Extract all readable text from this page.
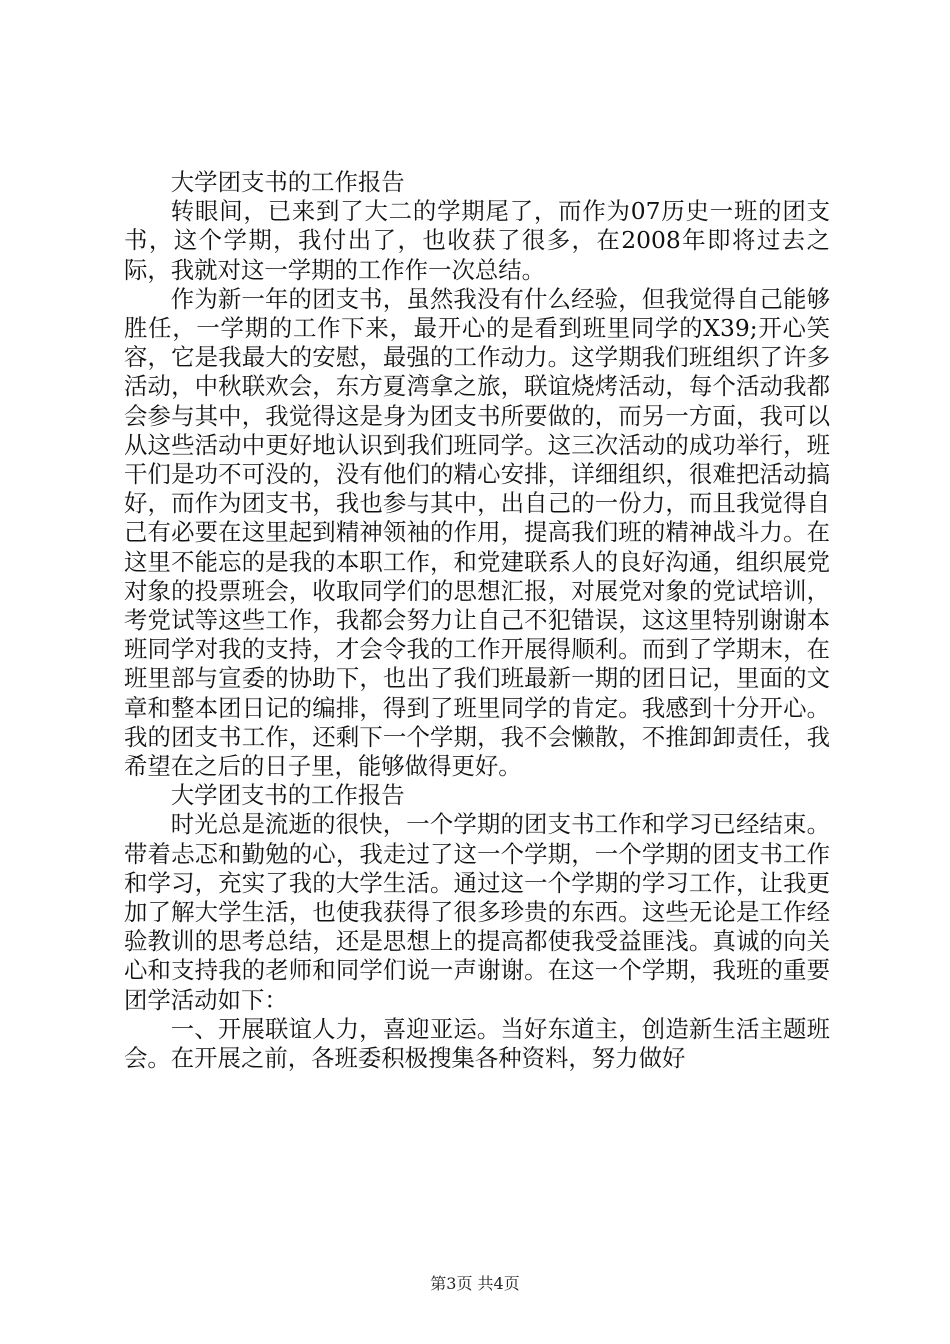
大学团支书的工作报告

转眼间，已来到了大二的学期尾了，而作为07历史一班的团支书，这个学期，我付出了，也收获了很多，在2008年即将过去之际，我就对这一学期的工作作一次总结。

作为新一年的团支书，虽然我没有什么经验，但我觉得自己能够胜任，一学期的工作下来，最开心的是看到班里同学的X39;开心笑容，它是我最大的安慰，最强的工作动力。这学期我们班组织了许多活动，中秋联欢会，东方夏湾拿之旅，联谊烧烤活动，每个活动我都会参与其中，我觉得这是身为团支书所要做的，而另一方面，我可以从这些活动中更好地认识到我们班同学。这三次活动的成功举行，班干们是功不可没的，没有他们的精心安排，详细组织，很难把活动搞好，而作为团支书，我也参与其中，出自己的一份力，而且我觉得自己有必要在这里起到精神领袖的作用，提高我们班的精神战斗力。在这里不能忘的是我的本职工作，和党建联系人的良好沟通，组织展党对象的投票班会，收取同学们的思想汇报，对展党对象的党试培训，考党试等这些工作，我都会努力让自己不犯错误，这这里特别谢谢本班同学对我的支持，才会令我的工作开展得顺利。而到了学期末，在班里部与宣委的协助下，也出了我们班最新一期的团日记，里面的文章和整本团日记的编排，得到了班里同学的肯定。我感到十分开心。我的团支书工作，还剩下一个学期，我不会懒散，不推卸卸责任，我希望在之后的日子里，能够做得更好。

大学团支书的工作报告

时光总是流逝的很快，一个学期的团支书工作和学习已经结束。带着忐忑和勤勉的心，我走过了这一个学期，一个学期的团支书工作和学习，充实了我的大学生活。通过这一个学期的学习工作，让我更加了解大学生活，也使我获得了很多珍贵的东西。这些无论是工作经验教训的思考总结，还是思想上的提高都使我受益匪浅。真诚的向关心和支持我的老师和同学们说一声谢谢。在这一个学期，我班的重要团学活动如下：

一、开展联谊人力，喜迎亚运。当好东道主，创造新生活主题班会。在开展之前，各班委积极搜集各种资料，努力做好

第3页 共4页
